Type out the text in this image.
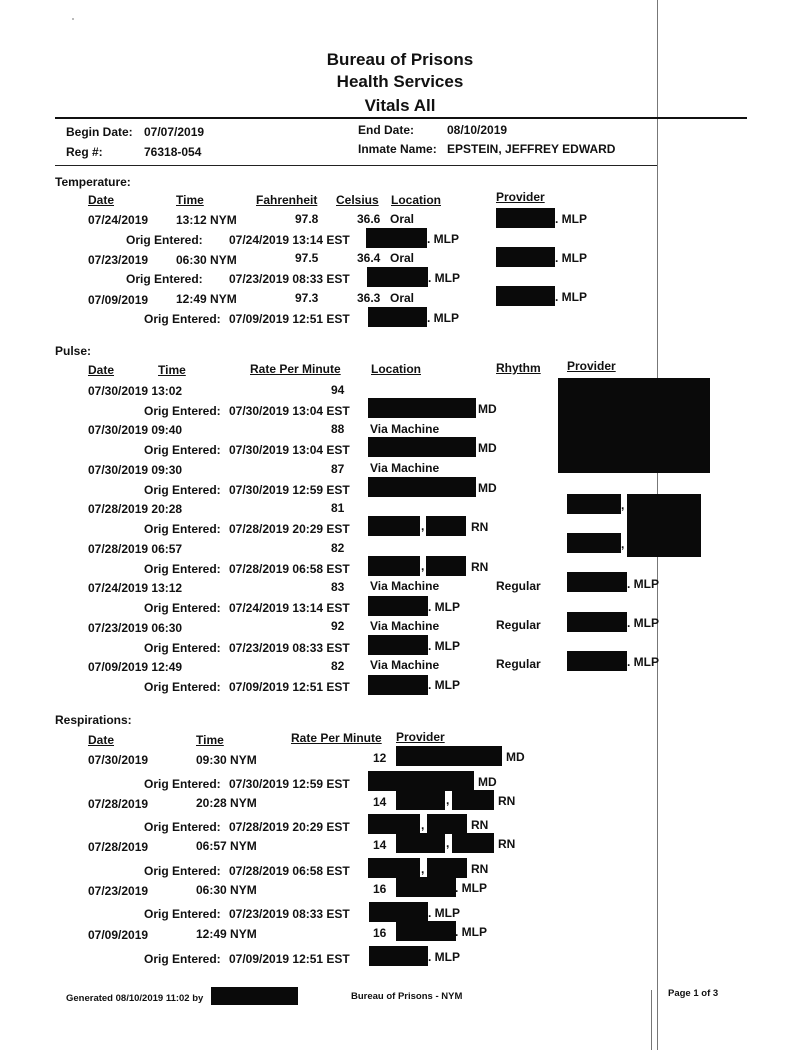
Bureau of Prisons
Health Services
Vitals All
Begin Date: 07/07/2019	End Date:	08/10/2019
Reg #:	76318-054	Inmate Name: EPSTEIN, JEFFREY EDWARD
Temperature:
Date	Time	Fahrenheit Celsius Location	Provider
07/24/2019 13:12 NYM	97.8	36.6 Oral	. MLP
Orig Entered: 07/24/2019 13:14 EST	. MLP
07/23/2019 06:30 NYM	97.5	36.4 Oral	. MLP
Orig Entered: 07/23/2019 08:33 EST	. MLP
07/09/2019 12:49 NYM	97.3	36.3 Oral	. MLP
Orig Entered: 07/09/2019 12:51 EST	. MLP
Pulse:
Date	Time	Rate Per Minute	Location	Rhythm Provider
07/30/2019 13:02	94
Orig Entered: 07/30/2019 13:04 EST	MD
07/30/2019 09:40	88 Via Machine
Orig Entered: 07/30/2019 13:04 EST	MD
07/30/2019 09:30	87 Via Machine
Orig Entered: 07/30/2019 12:59 EST	MD
07/28/2019 20:28	81	,
Orig Entered: 07/28/2019 20:29 EST	,	RN
07/28/2019 06:57	82	,
Orig Entered: 07/28/2019 06:58 EST	,	RN
07/24/2019 13:12	83 Via Machine	Regular	. MLP
Orig Entered: 07/24/2019 13:14 EST	. MLP
07/23/2019 06:30	92 Via Machine	Regular	. MLP
Orig Entered: 07/23/2019 08:33 EST	. MLP
07/09/2019 12:49	82 Via Machine	Regular	. MLP
Orig Entered: 07/09/2019 12:51 EST	. MLP
Respirations:
Date	Time	Rate Per Minute Provider
07/30/2019	09:30 NYM	12	MD
Orig Entered: 07/30/2019 12:59 EST	MD
07/28/2019	20:28 NYM	14	,	RN
Orig Entered: 07/28/2019 20:29 EST	,	RN
07/28/2019	06:57 NYM	14	,	RN
Orig Entered: 07/28/2019 06:58 EST	,	RN
07/23/2019	06:30 NYM	16	. MLP
Orig Entered: 07/23/2019 08:33 EST	. MLP
07/09/2019	12:49 NYM	16	. MLP
Orig Entered: 07/09/2019 12:51 EST	. MLP
Generated 08/10/2019 11:02 by	Bureau of Prisons - NYM	Page 1 of 3
